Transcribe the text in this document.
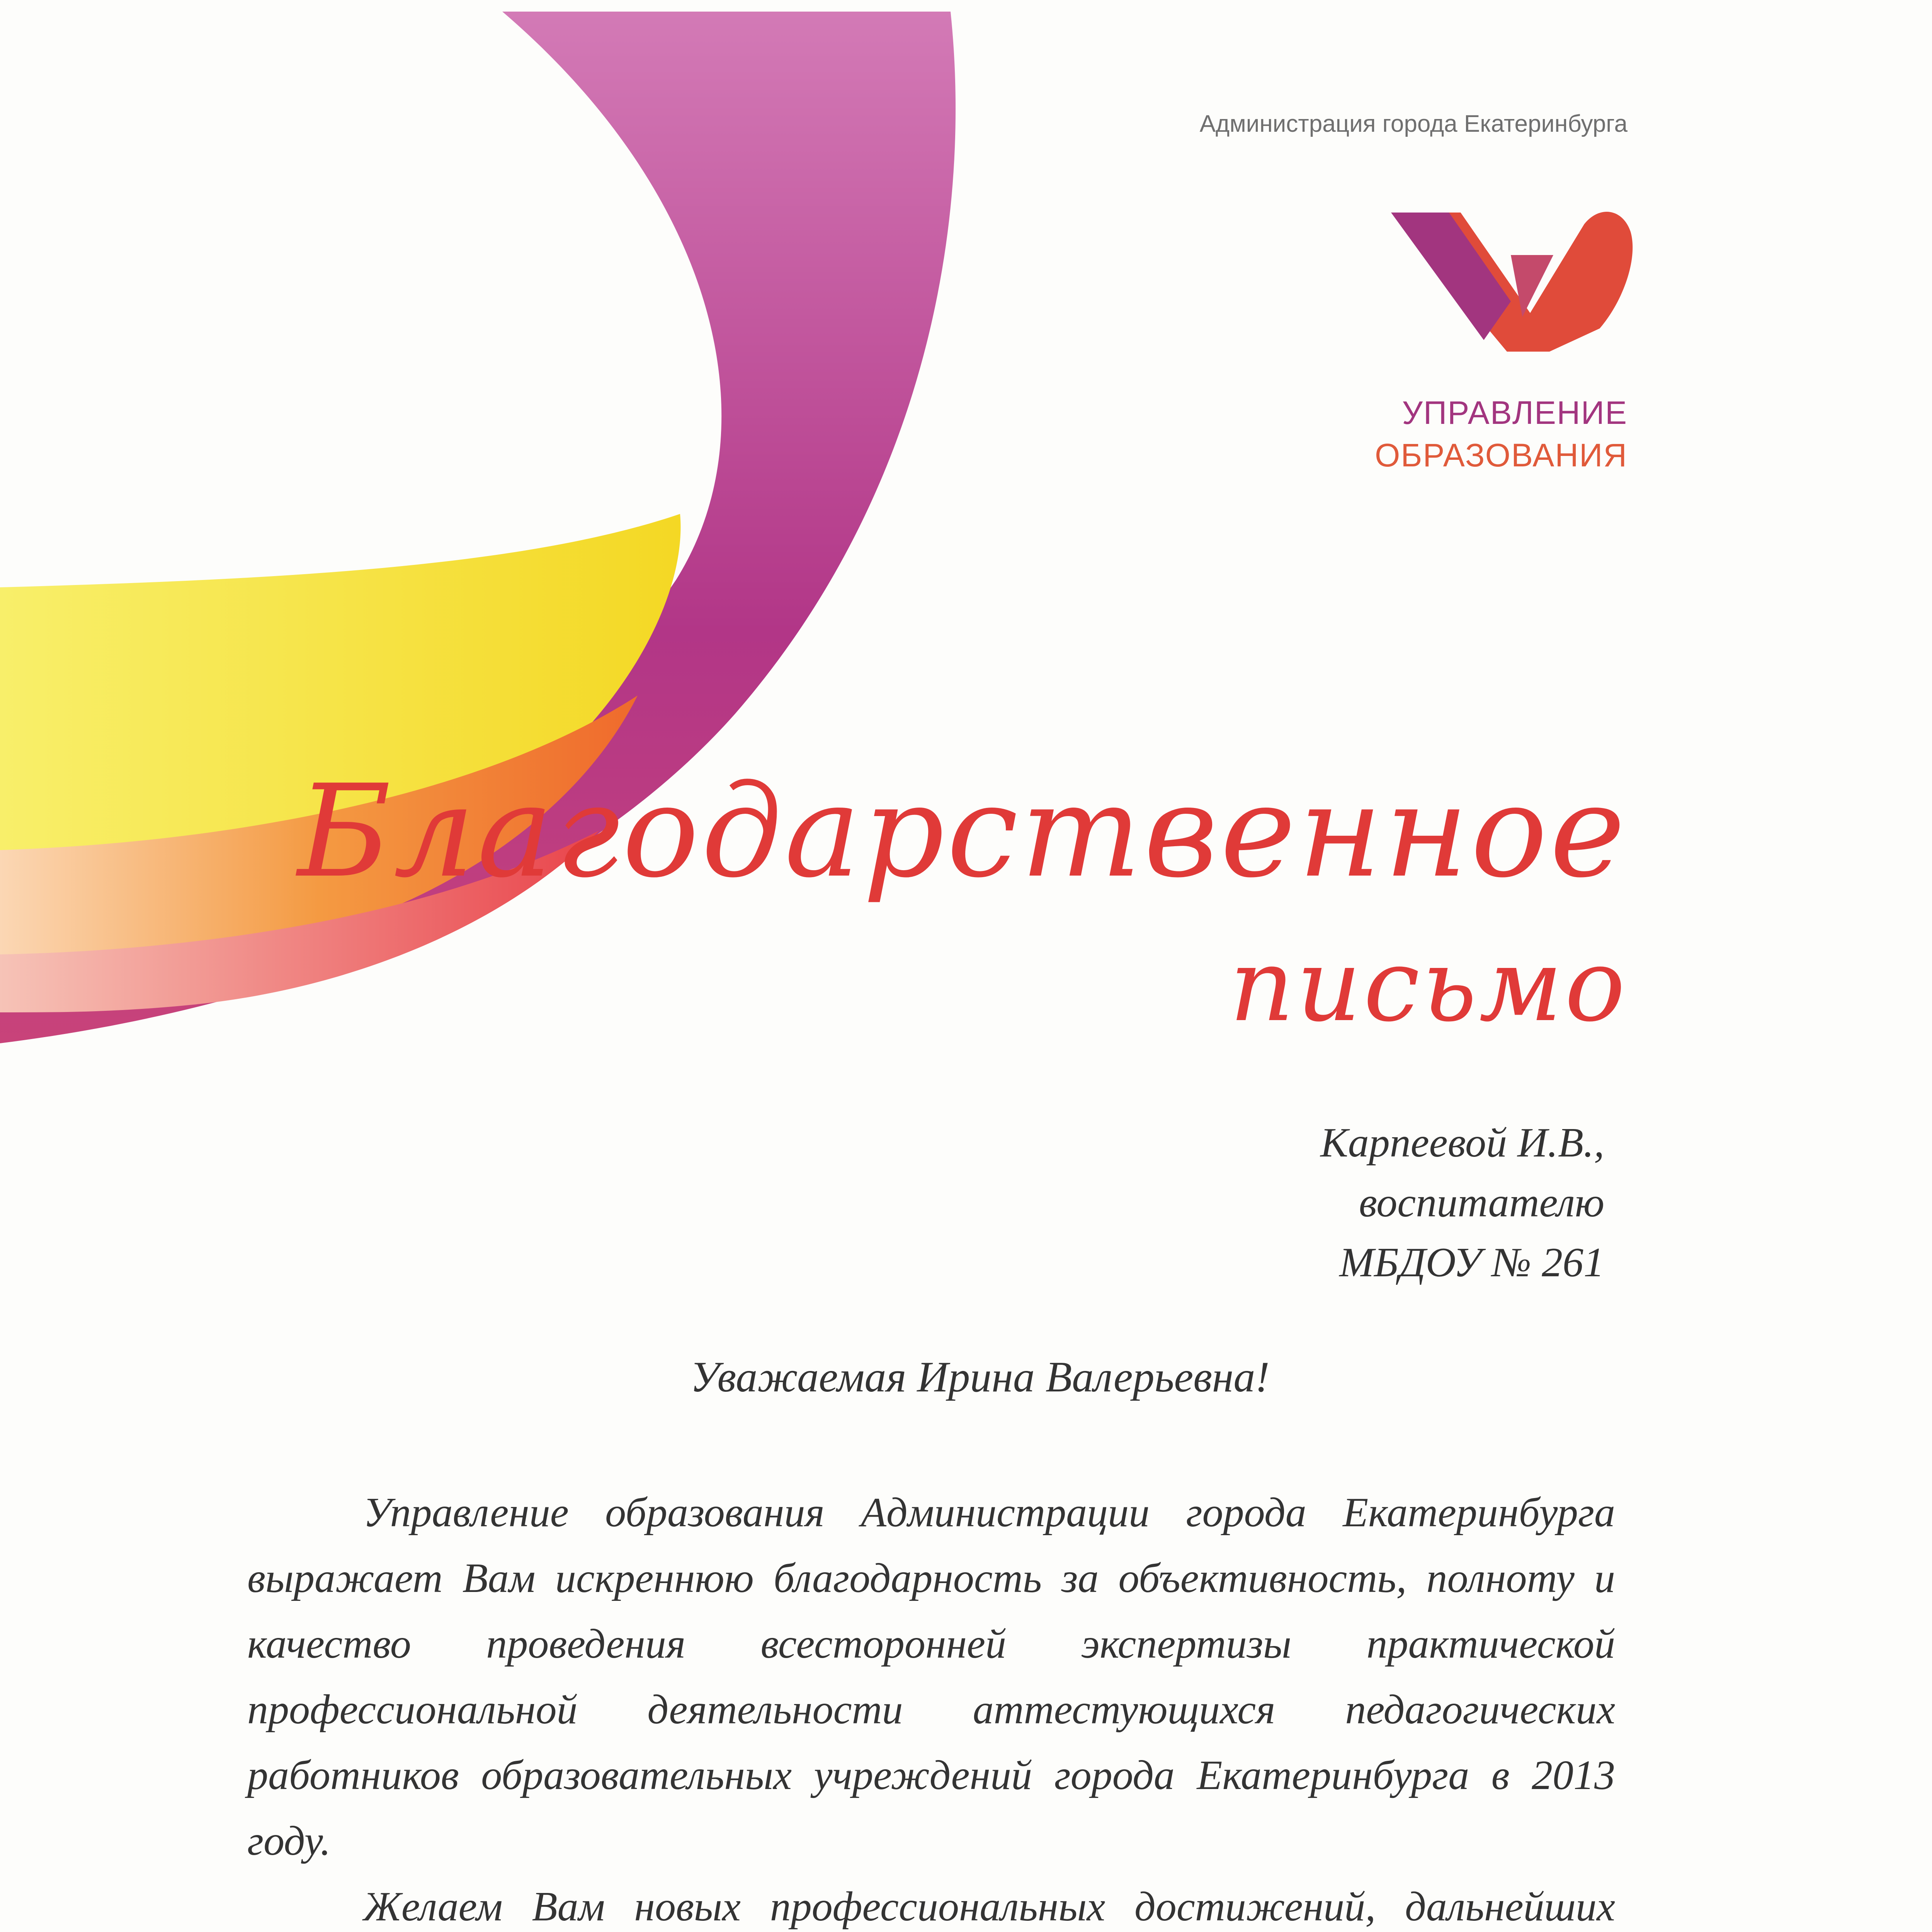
Администрация города Екатеринбурга
УПРАВЛЕНИЕ
ОБРАЗОВАНИЯ
Благодарственное
письмо
Карпеевой И.В.,
воспитателю
МБДОУ № 261
Уважаемая Ирина Валерьевна!

Управление образования Администрации города Екатеринбурга выражает Вам искреннюю благодарность за объективность, полноту и качество проведения всесторонней экспертизы практической профессиональной деятельности аттестующихся педагогических работников образовательных учреждений города Екатеринбурга в 2013 году.

Желаем Вам новых профессиональных достижений, дальнейших
